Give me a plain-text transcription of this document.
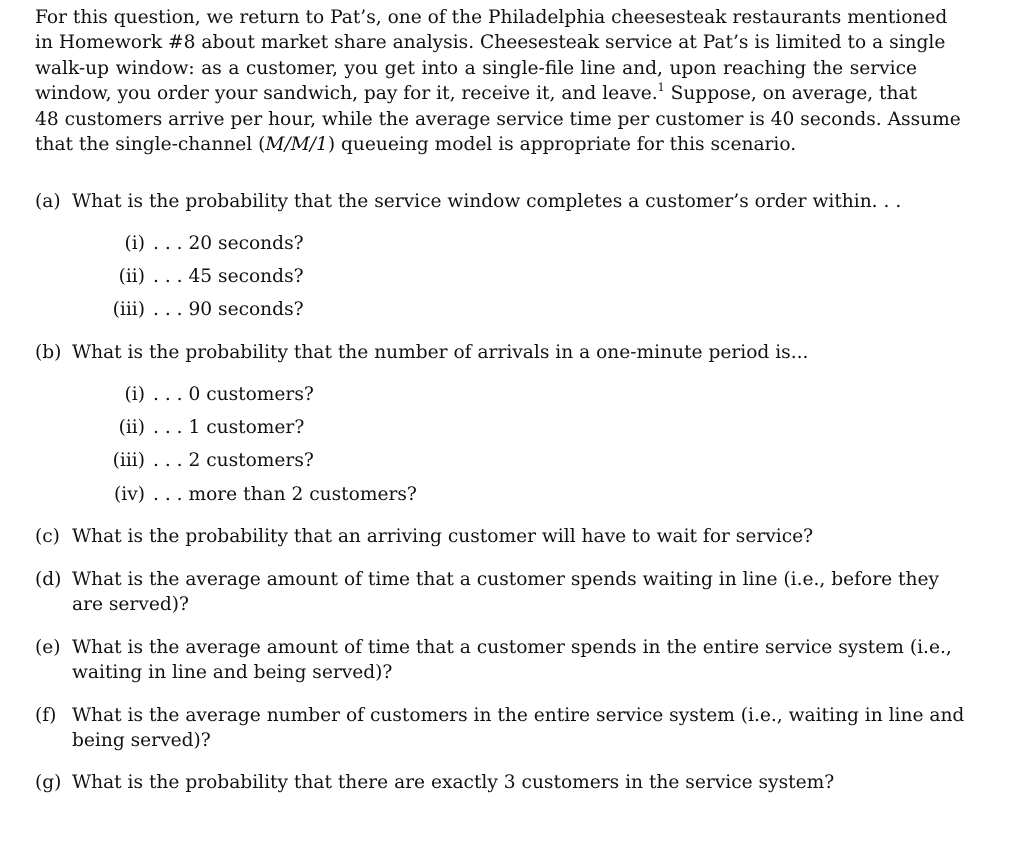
For this question, we return to Pat’s, one of the Philadelphia cheesesteak restaurants mentioned
in Homework #8 about market share analysis. Cheesesteak service at Pat’s is limited to a single
walk-up window: as a customer, you get into a single-file line and, upon reaching the service
window, you order your sandwich, pay for it, receive it, and leave.$^1$ Suppose, on average, that
48 customers arrive per hour, while the average service time per customer is 40 seconds. Assume
that the single-channel (M/M/1) queueing model is appropriate for this scenario.
(a) What is the probability that the service window completes a customer’s order within. . .
(i) . . . 20 seconds?
(ii) . . . 45 seconds?
(iii) . . . 90 seconds?
(b) What is the probability that the number of arrivals in a one-minute period is...
(i) . . . 0 customers?
(ii) . . . 1 customer?
(iii) . . . 2 customers?
(iv) . . . more than 2 customers?
(c) What is the probability that an arriving customer will have to wait for service?
(d) What is the average amount of time that a customer spends waiting in line (i.e., before they
are served)?
(e) What is the average amount of time that a customer spends in the entire service system (i.e.,
waiting in line and being served)?
(f) What is the average number of customers in the entire service system (i.e., waiting in line and
being served)?
(g) What is the probability that there are exactly 3 customers in the service system?
